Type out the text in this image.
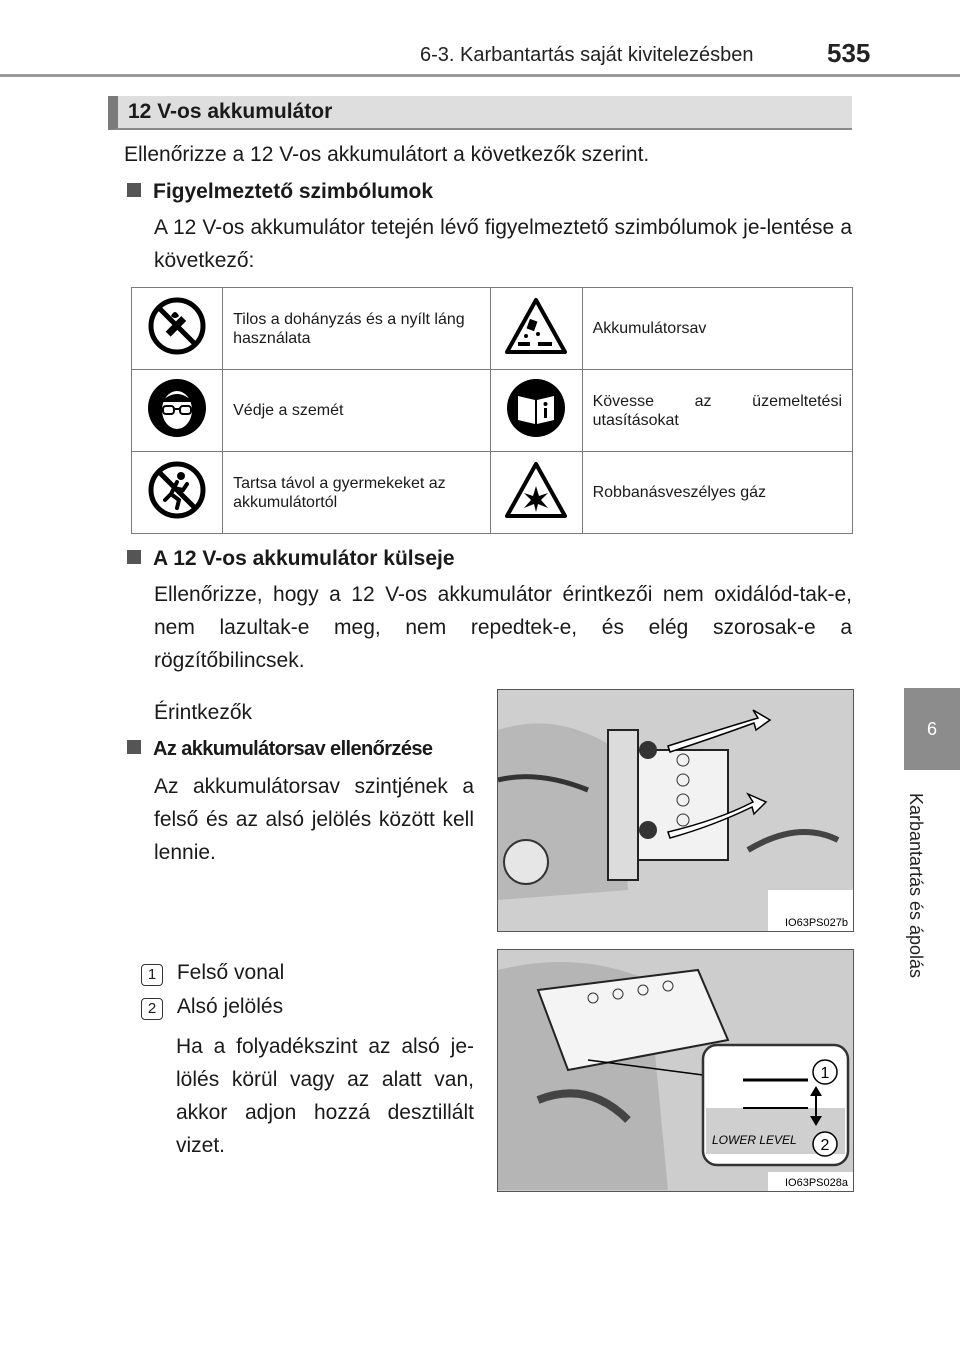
6-3. Karbantartás saját kivitelezésben	535
6
Karbantartás és ápolás
12 V-os akkumulátor
Ellenőrizze a 12 V-os akkumulátort a következők szerint.
Figyelmeztető szimbólumok
A 12 V-os akkumulátor tetején lévő figyelmeztető szimbólumok je-lentése a következő:
	Tilos a dohányzás és a nyílt láng használata		Akkumulátorsav
	Védje a szemét		Kövesse az üzemeltetési utasításokat

	Tartsa távol a gyermekeket az akkumulátortól		Robbanásveszélyes gáz
A 12 V-os akkumulátor külseje
Ellenőrizze, hogy a 12 V-os akkumulátor érintkezői nem oxidálód-tak-e, nem lazultak-e meg, nem repedtek-e, és elég szorosak-e a rögzítőbilincsek.
Érintkezők
IO63PS027b
Az akkumulátorsav ellenőrzése
Az akkumulátorsav szintjének a felső és az alsó jelölés között kell lennie.
1 Felső vonal
2 Alsó jelölés
Ha a folyadékszint az alsó je-lölés körül vagy az alatt van, akkor adjon hozzá desztillált vizet.
1
2
LOWER LEVEL
IO63PS028a
